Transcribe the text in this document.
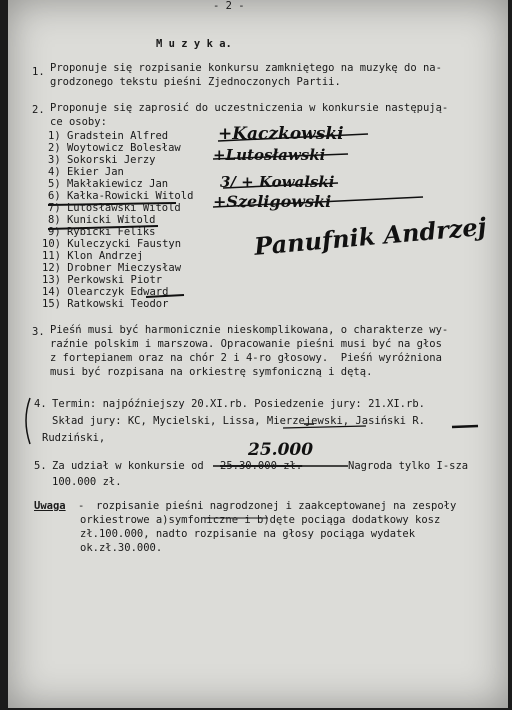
- 2 -
M u z y k a.
1. Proponuje się rozpisanie konkursu zamkniętego na muzykę do na-
grodzonego tekstu pieśni Zjednoczonych Partii.
2. Proponuje się zaprosić do uczestniczenia w konkursie następują-
ce osoby:
1) Gradstein Alfred
2) Woytowicz Bolesław
3) Sokorski Jerzy
4) Ekier Jan
5) Makłakiewicz Jan
6) Kałka-Rowicki Witold
7) Lutosławski Witold
8) Kunicki Witold
9) Rybicki Feliks
10) Kuleczycki Faustyn
11) Klon Andrzej
12) Drobner Mieczysław
13) Perkowski Piotr
14) Olearczyk Edward
15) Ratkowski Teodor
+Kaczkowski
+Lutosławski
3/ + Kowalski
+Szeligowski
Panufnik Andrzej
3. Pieśń musi być harmonicznie nieskomplikowana, o charakterze wy-
raźnie polskim i marszowa. Opracowanie pieśni musi być na głos
z fortepianem oraz na chór 2 i 4-ro głosowy.  Pieśń wyróżniona
musi być rozpisana na orkiestrę symfoniczną i dętą.
4. Termin: najpóźniejszy 20.XI.rb. Posiedzenie jury: 21.XI.rb.
Skład jury: KC, Mycielski, Lissa, Mierzejewski, Jasiński R.
Rudziński,
5. Za udział w konkursie od 25.30.000 zł.	Nagroda tylko I-sza
100.000 zł.
25.000
Uwaga - rozpisanie pieśni nagrodzonej i zaakceptowanej na zespoły
orkiestrowe a)symfoniczne i b)dęte pociąga dodatkowy kosz
zł.100.000, nadto rozpisanie na głosy pociąga wydatek
ok.zł.30.000.
